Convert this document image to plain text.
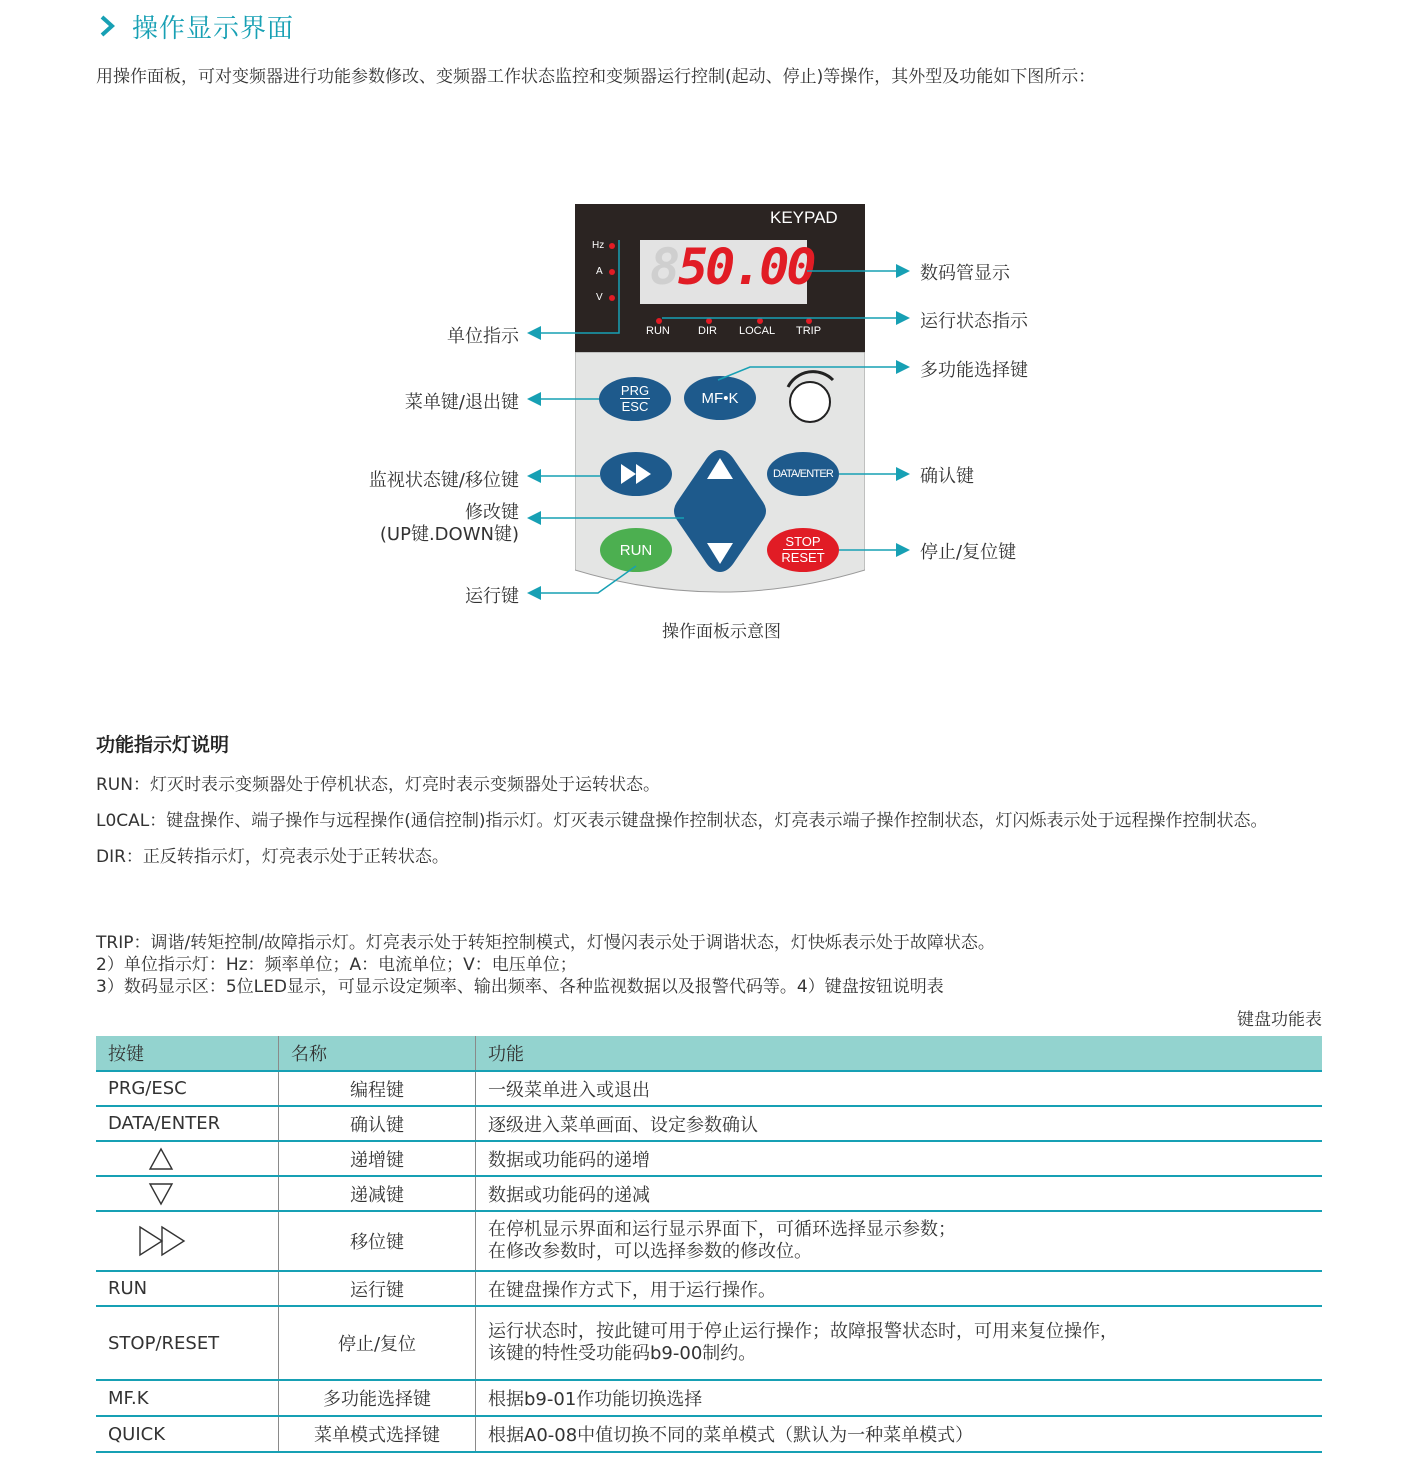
操作显示界面
用操作面板，可对变频器进行功能参数修改、变频器工作状态监控和变频器运行控制(起动、停止)等操作，其外型及功能如下图所示：
KEYPAD
Hz
A
V
8
50.00
RUN	DIR LOCAL TRIP
PRG
ESC	MF•K
DATA/ENTER
RUN
STOP
RESET
单位指示
菜单键/退出键
监视状态键/移位键
修改键
(UP键.DOWN键)
运行键
数码管显示
运行状态指示
多功能选择键
确认键
停止/复位键
操作面板示意图
功能指示灯说明
RUN：灯灭时表示变频器处于停机状态，灯亮时表示变频器处于运转状态。
L0CAL：键盘操作、端子操作与远程操作(通信控制)指示灯。灯灭表示键盘操作控制状态，灯亮表示端子操作控制状态，灯闪烁表示处于远程操作控制状态。
DIR：正反转指示灯，灯亮表示处于正转状态。
TRIP：调谐/转矩控制/故障指示灯。灯亮表示处于转矩控制模式，灯慢闪表示处于调谐状态，灯快烁表示处于故障状态。
2）单位指示灯：Hz：频率单位；A：电流单位；V：电压单位；
3）数码显示区：5位LED显示，可显示设定频率、输出频率、各种监视数据以及报警代码等。4）键盘按钮说明表
键盘功能表
按键	名称	功能
PRG/ESC	编程键	一级菜单进入或退出
DATA/ENTER	确认键	逐级进入菜单画面、设定参数确认

	递增键	数据或功能码的递增

	递减键	数据或功能码的递减

	移位键	在停机显示界面和运行显示界面下，可循环选择显示参数；
在修改参数时，可以选择参数的修改位。

RUN	运行键	在键盘操作方式下，用于运行操作。
STOP/RESET	停止/复位	运行状态时，按此键可用于停止运行操作；故障报警状态时，可用来复位操作，
该键的特性受功能码b9-00制约。

MF.K	多功能选择键	根据b9-01作功能切换选择
QUICK	菜单模式选择键	根据A0-08中值切换不同的菜单模式（默认为一种菜单模式）
